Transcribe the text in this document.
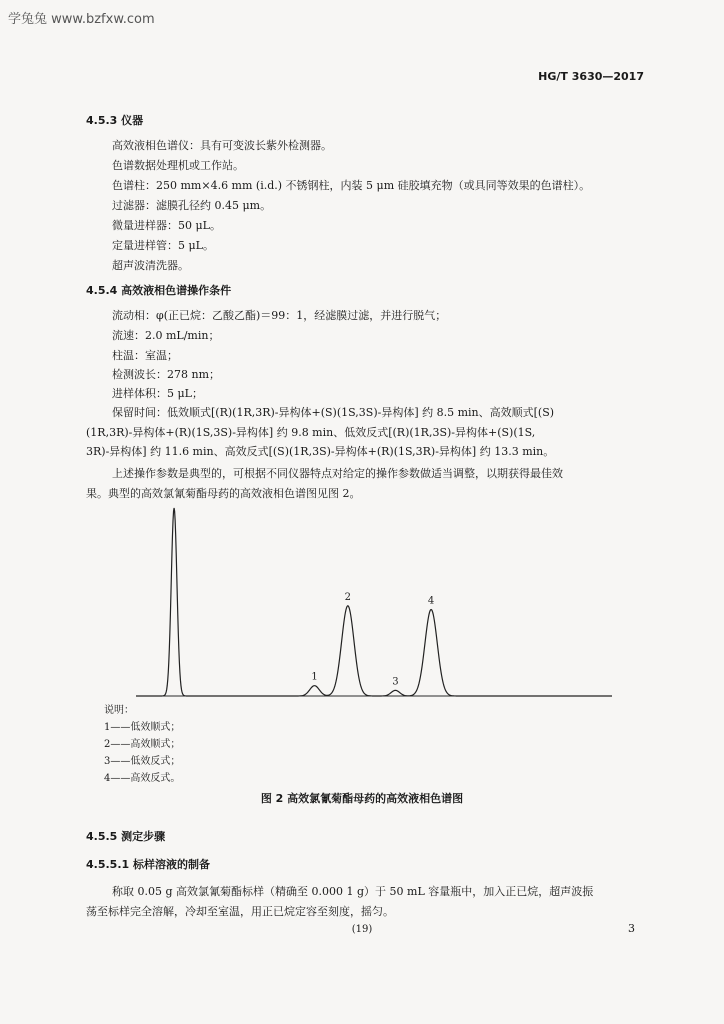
学兔兔 www.bzfxw.com
HG/T 3630—2017
4.5.3 仪器
高效液相色谱仪：具有可变波长紫外检测器。
色谱数据处理机或工作站。
色谱柱：250 mm×4.6 mm (i.d.) 不锈钢柱，内装 5 μm 硅胶填充物（或具同等效果的色谱柱）。
过滤器：滤膜孔径约 0.45 μm。
微量进样器：50 μL。
定量进样管：5 μL。
超声波清洗器。
4.5.4 高效液相色谱操作条件
流动相：φ(正已烷：乙酸乙酯)＝99：1，经滤膜过滤，并进行脱气；
流速：2.0 mL/min；
柱温：室温；
检测波长：278 nm；
进样体积：5 μL；
保留时间：低效顺式[(R)(1R,3R)-异构体+(S)(1S,3S)-异构体] 约 8.5 min、高效顺式[(S)
(1R,3R)-异构体+(R)(1S,3S)-异构体] 约 9.8 min、低效反式[(R)(1R,3S)-异构体+(S)(1S,
3R)-异构体] 约 11.6 min、高效反式[(S)(1R,3S)-异构体+(R)(1S,3R)-异构体] 约 13.3 min。
上述操作参数是典型的，可根据不同仪器特点对给定的操作参数做适当调整，以期获得最佳效
果。典型的高效氯氰菊酯母药的高效液相色谱图见图 2。
1
2
3
4
说明：
1——低效顺式；
2——高效顺式；
3——低效反式；
4——高效反式。
图 2 高效氯氰菊酯母药的高效液相色谱图
4.5.5 测定步骤
4.5.5.1 标样溶液的制备
称取 0.05 g 高效氯氰菊酯标样（精确至 0.000 1 g）于 50 mL 容量瓶中，加入正已烷，超声波振
荡至标样完全溶解，冷却至室温，用正已烷定容至刻度，摇匀。
(19)	3
